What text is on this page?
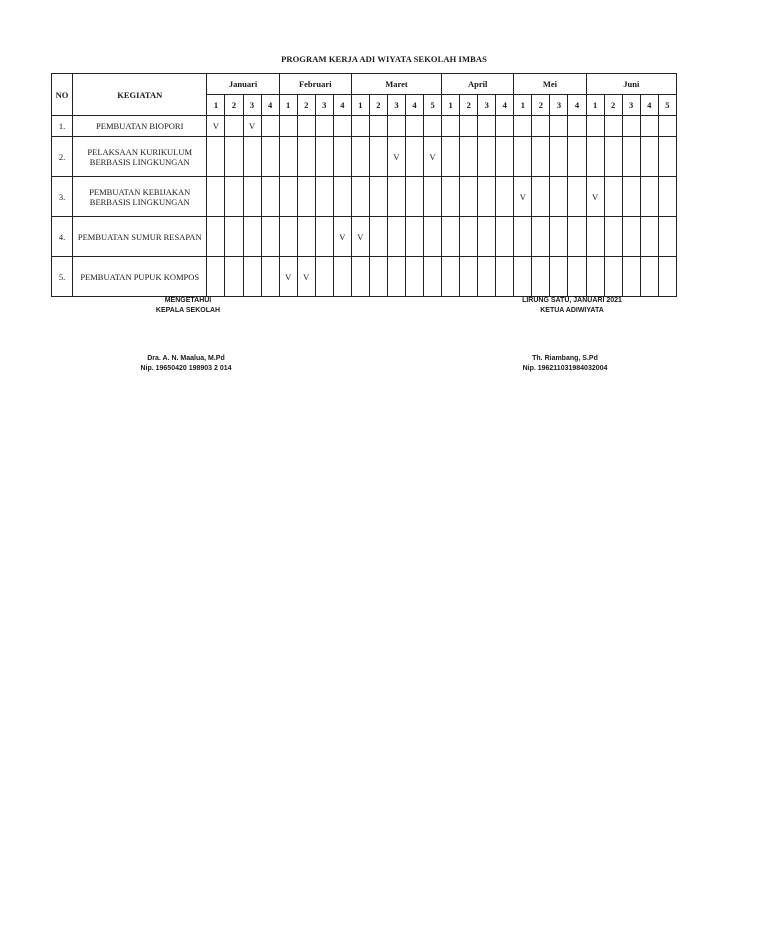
PROGRAM KERJA ADI WIYATA SEKOLAH IMBAS
NO	KEGIATAN	Januari				Februari				Maret					April				Mei				Juni				
		1	2	3	4	1	2	3	4	1	2	3	4	5	1	2	3	4	1	2	3	4	1	2	3	4	5
1.	PEMBUATAN BIOPORI	V		V																							
2.	PELAKSAAN KURIKULUM
BERBASIS LINGKUNGAN											V		V													
3.	PEMBUATAN KEBIJAKAN
BERBASIS LINGKUNGAN																		V				V				
4.	PEMBUATAN SUMUR RESAPAN								V	V																	
5.	PEMBUATAN PUPUK KOMPOS					V	V																				
MENGETAHUI
KEPALA SEKOLAH
Dra. A. N. Maalua, M.Pd
Nip. 19650420 198903 2 014
LIRUNG SATU, JANUARI 2021
KETUA ADIWIYATA
Th. Riambang, S.Pd
Nip. 196211031984032004
